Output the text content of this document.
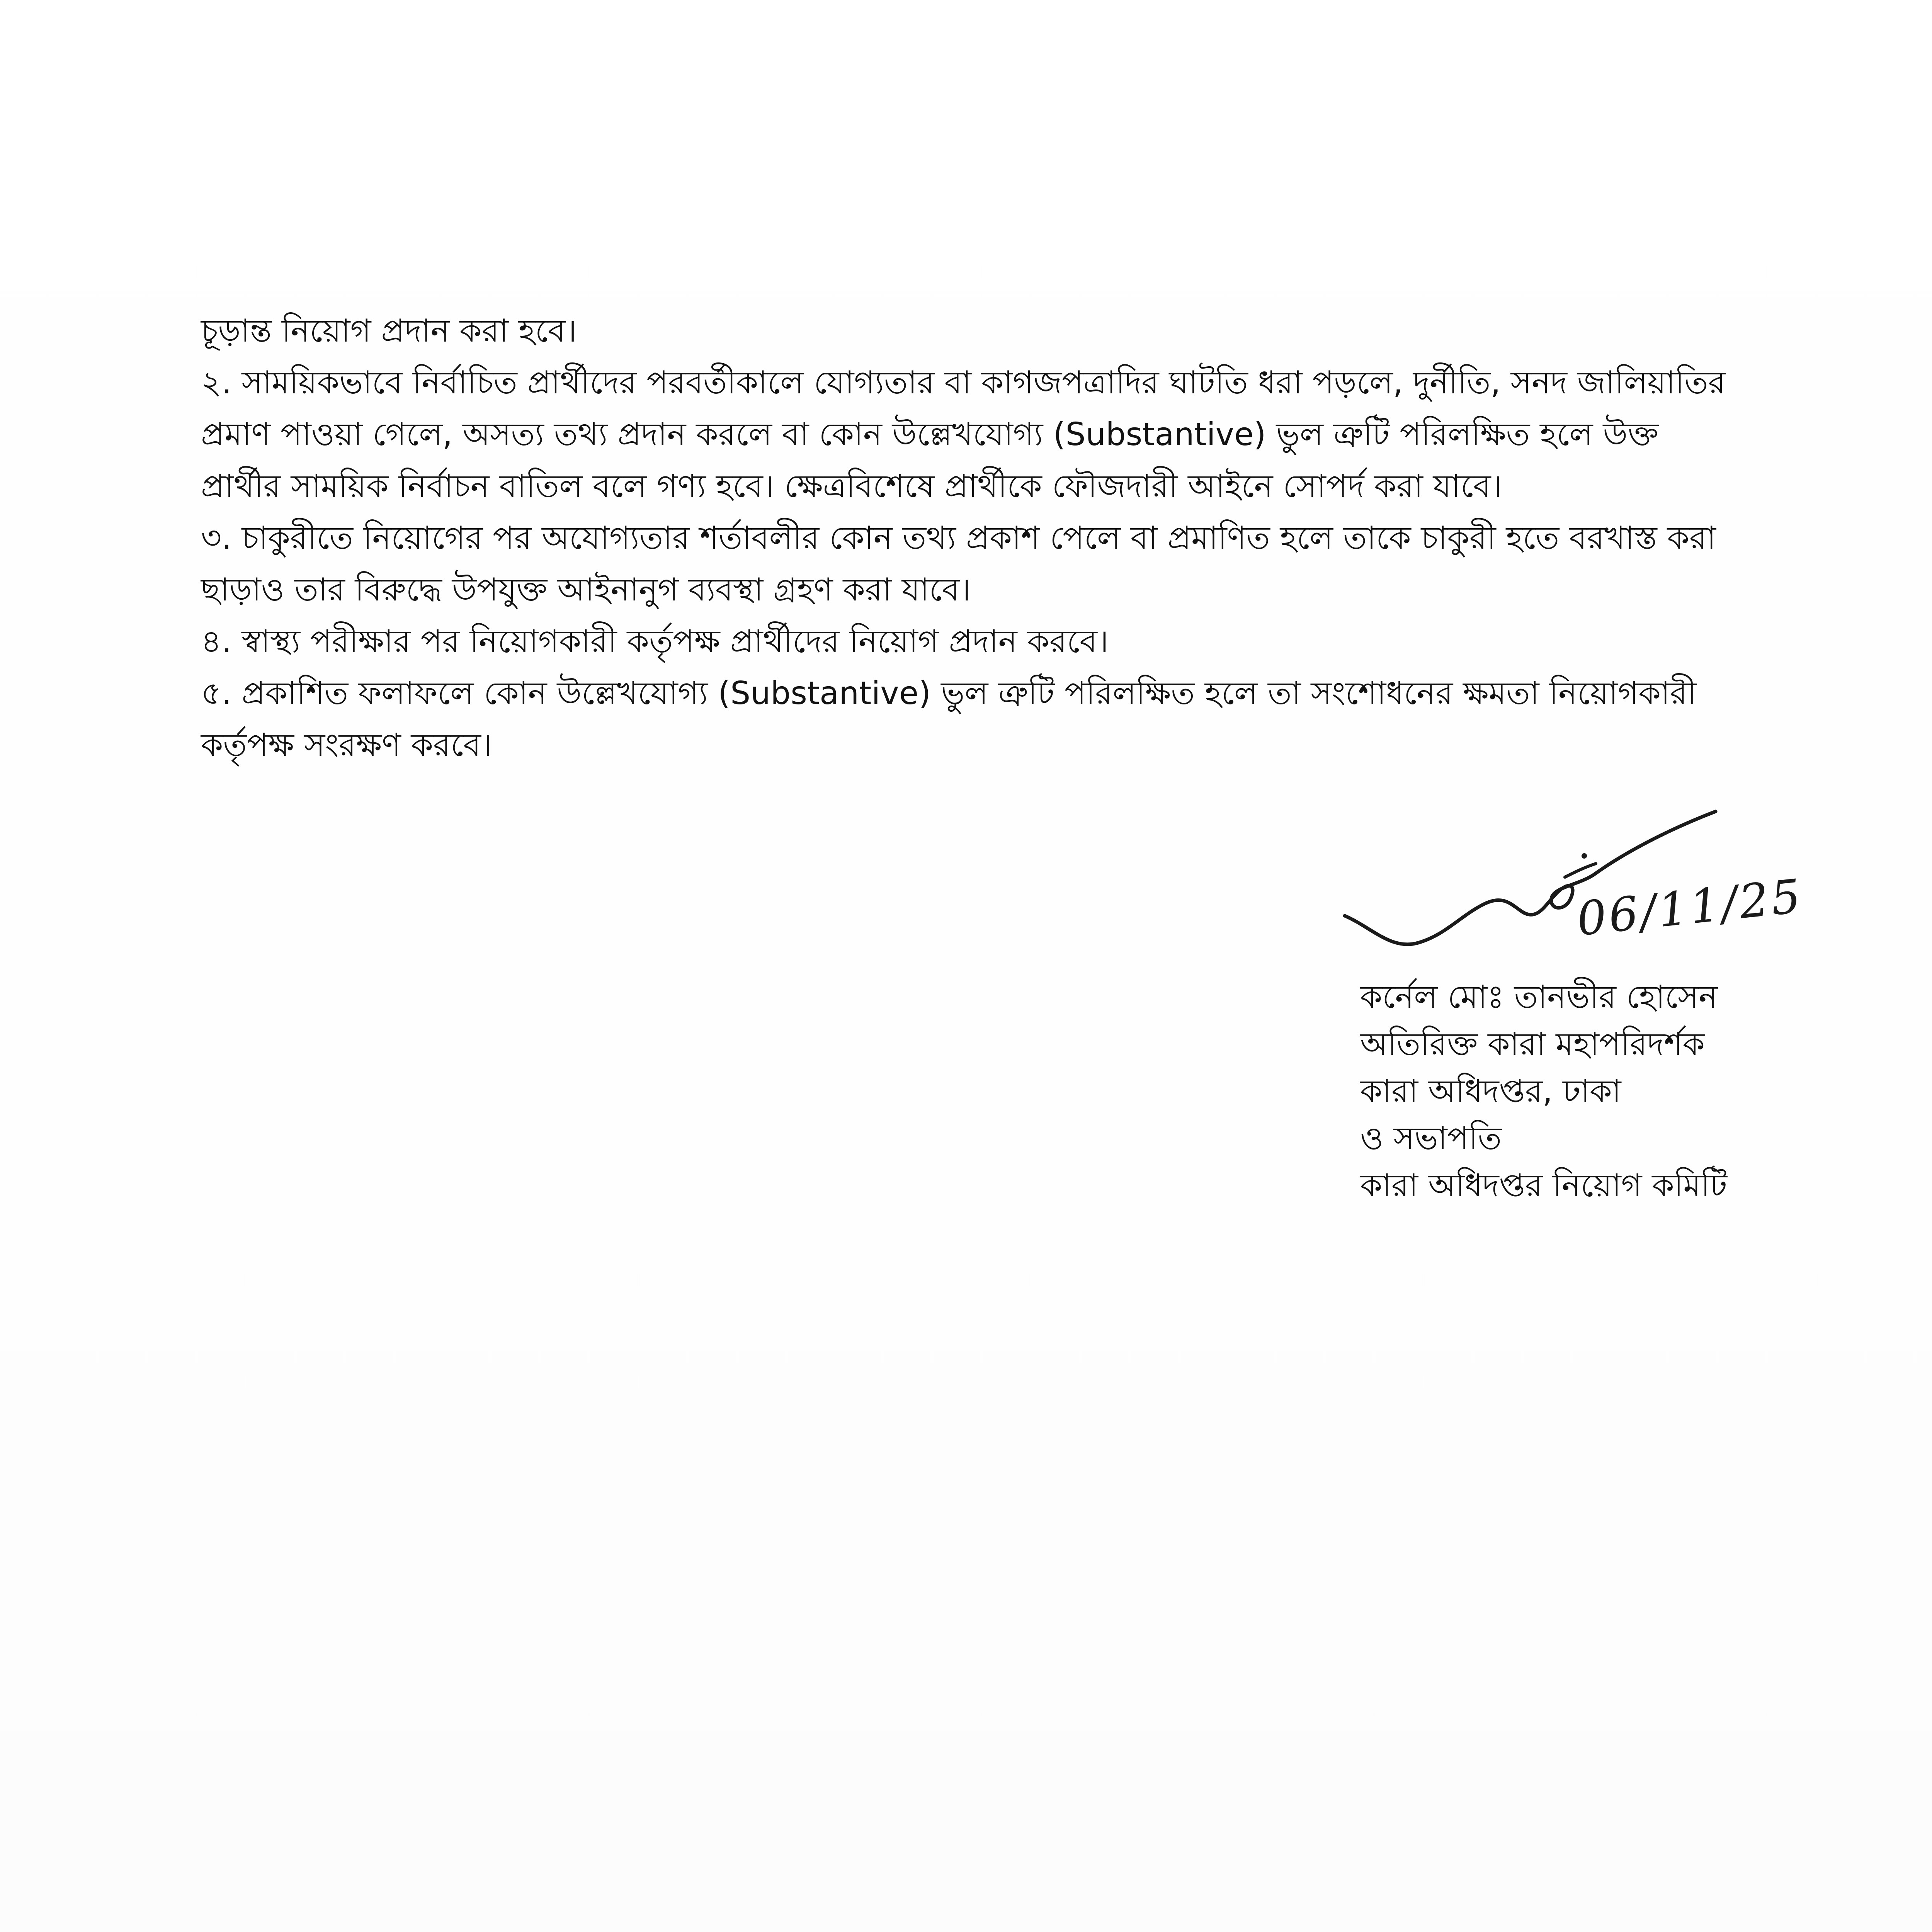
চূড়ান্ত নিয়োগ প্রদান করা হবে।

২. সাময়িকভাবে নির্বাচিত প্রার্থীদের পরবর্তীকালে যোগ্যতার বা কাগজপত্রাদির ঘাটতি ধরা পড়লে, দুর্নীতি, সনদ জালিয়াতির প্রমাণ পাওয়া গেলে, অসত্য তথ্য প্রদান করলে বা কোন উল্লেখযোগ্য (Substantive) ভুল ত্রুটি পরিলক্ষিত হলে উক্ত প্রার্থীর সাময়িক নির্বাচন বাতিল বলে গণ্য হবে। ক্ষেত্রবিশেষে প্রার্থীকে ফৌজদারী আইনে সোপর্দ করা যাবে।

৩. চাকুরীতে নিয়োগের পর অযোগ্যতার শর্তাবলীর কোন তথ্য প্রকাশ পেলে বা প্রমাণিত হলে তাকে চাকুরী হতে বরখাস্ত করা ছাড়াও তার বিরুদ্ধে উপযুক্ত আইনানুগ ব্যবস্থা গ্রহণ করা যাবে।

৪. স্বাস্থ্য পরীক্ষার পর নিয়োগকারী কর্তৃপক্ষ প্রার্থীদের নিয়োগ প্রদান করবে।

৫. প্রকাশিত ফলাফলে কোন উল্লেখযোগ্য (Substantive) ভুল ত্রুটি পরিলক্ষিত হলে তা সংশোধনের ক্ষমতা নিয়োগকারী কর্তৃপক্ষ সংরক্ষণ করবে।

06/11/25
কর্নেল মোঃ তানভীর হোসেন
অতিরিক্ত কারা মহাপরিদর্শক
কারা অধিদপ্তর, ঢাকা
ও সভাপতি
কারা অধিদপ্তর নিয়োগ কমিটি
